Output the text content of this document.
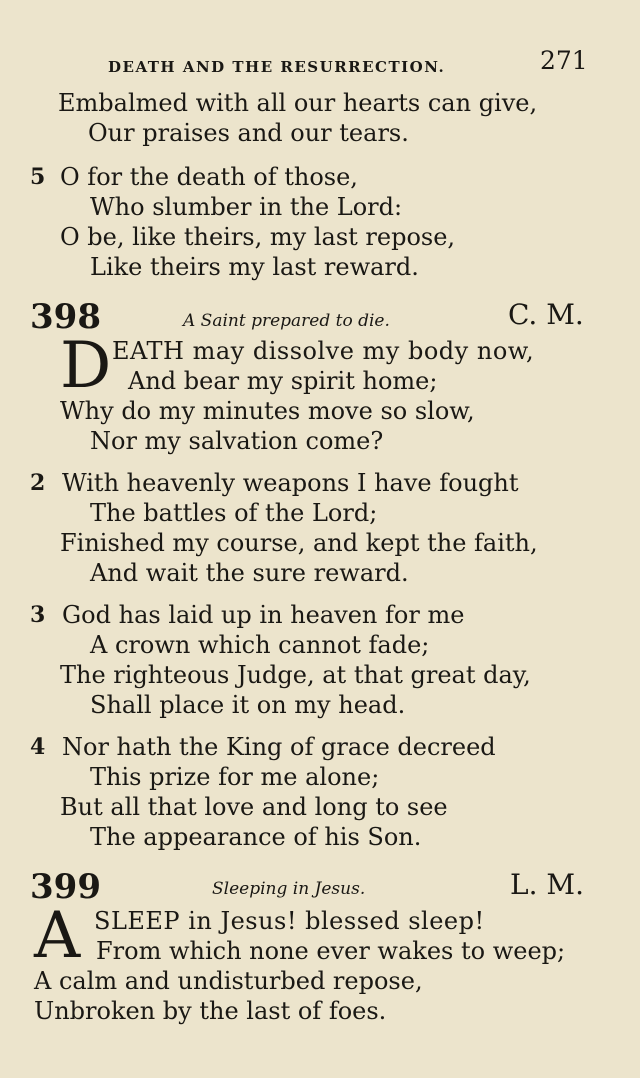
DEATH AND THE RESURRECTION.	271
Embalmed with all our hearts can give,
Our praises and our tears.
5 O for the death of those,
Who slumber in the Lord:
O be, like theirs, my last repose,
Like theirs my last reward.
398	A Saint prepared to die.	C. M.
D EATH may dissolve my body now,
And bear my spirit home;
Why do my minutes move so slow,
Nor my salvation come?
2 With heavenly weapons I have fought
The battles of the Lord;
Finished my course, and kept the faith,
And wait the sure reward.
3 God has laid up in heaven for me
A crown which cannot fade;
The righteous Judge, at that great day,
Shall place it on my head.
4 Nor hath the King of grace decreed
This prize for me alone;
But all that love and long to see
The appearance of his Son.
399	Sleeping in Jesus.	L. M.
A SLEEP in Jesus! blessed sleep!
From which none ever wakes to weep;
A calm and undisturbed repose,
Unbroken by the last of foes.
